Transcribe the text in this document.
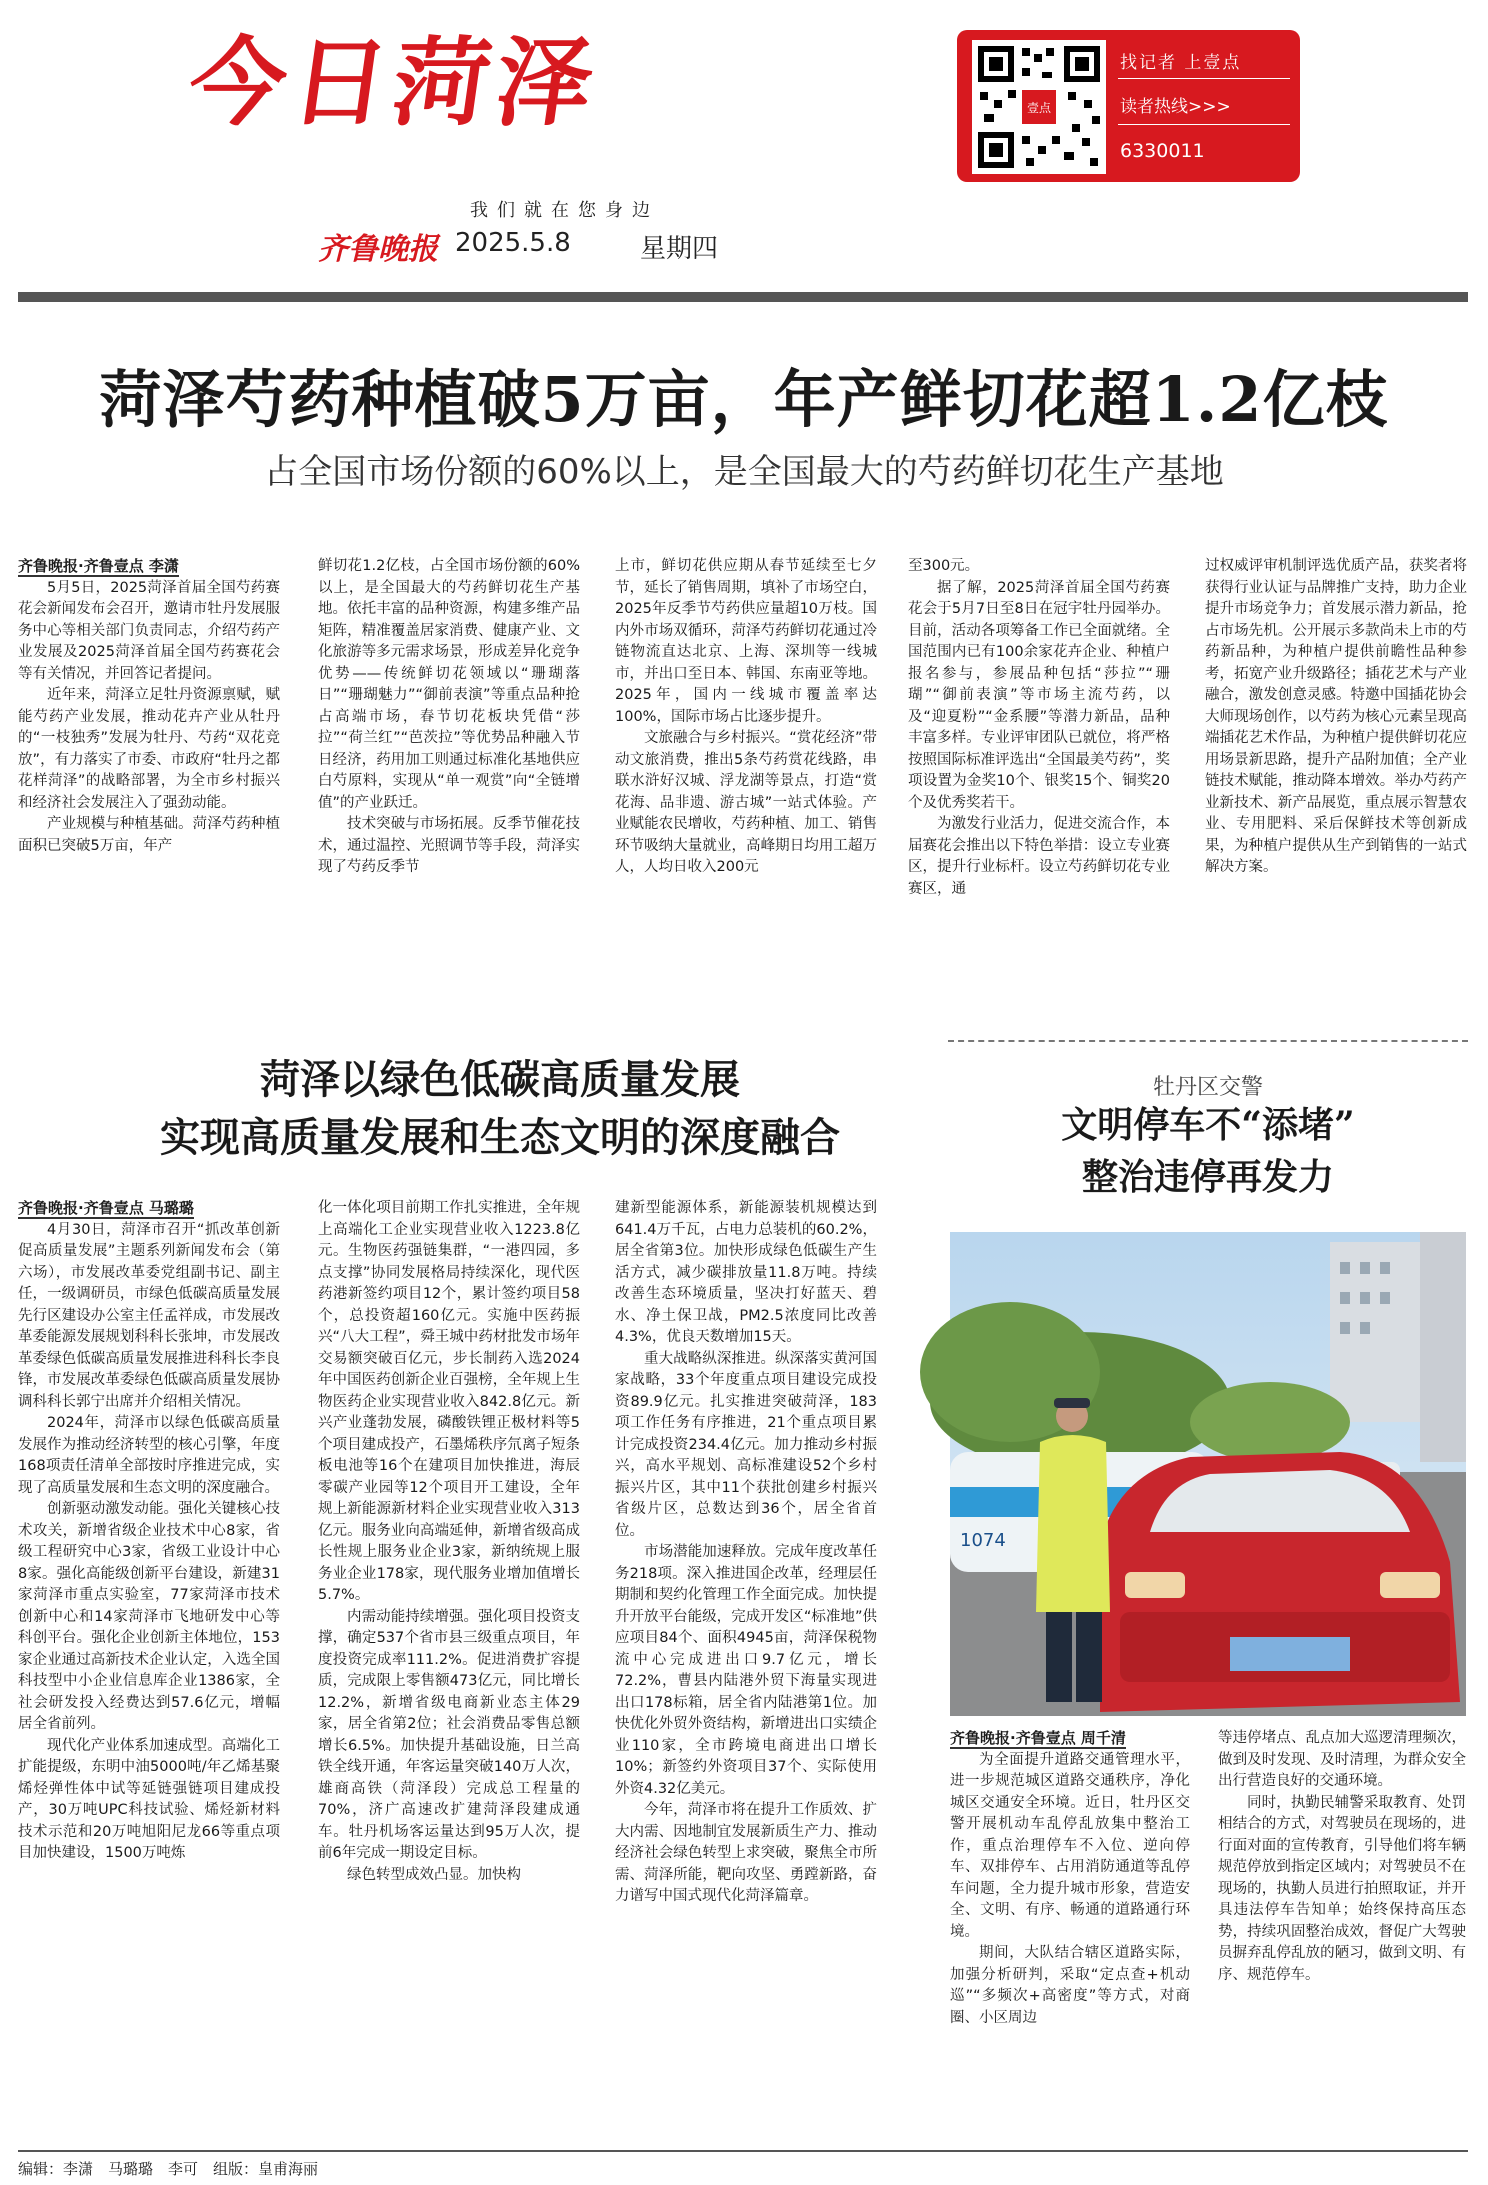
今日菏泽
我们就在您身边
齐鲁晚报 2025.5.8	星期四
壹点
找记者 上壹点
读者热线>>>
6330011
菏泽芍药种植破5万亩，年产鲜切花超1.2亿枝
占全国市场份额的60%以上，是全国最大的芍药鲜切花生产基地

齐鲁晚报·齐鲁壹点 李潇

5月5日，2025菏泽首届全国芍药赛花会新闻发布会召开，邀请市牡丹发展服务中心等相关部门负责同志，介绍芍药产业发展及2025菏泽首届全国芍药赛花会等有关情况，并回答记者提问。

近年来，菏泽立足牡丹资源禀赋，赋能芍药产业发展，推动花卉产业从牡丹的“一枝独秀”发展为牡丹、芍药“双花竞放”，有力落实了市委、市政府“牡丹之都　花样菏泽”的战略部署，为全市乡村振兴和经济社会发展注入了强劲动能。

产业规模与种植基础。菏泽芍药种植面积已突破5万亩，年产

鲜切花1.2亿枝，占全国市场份额的60%以上，是全国最大的芍药鲜切花生产基地。依托丰富的品种资源，构建多维产品矩阵，精准覆盖居家消费、健康产业、文化旅游等多元需求场景，形成差异化竞争优势——传统鲜切花领域以“珊瑚落日”“珊瑚魅力”“御前表演”等重点品种抢占高端市场，春节切花板块凭借“莎拉”“荷兰红”“芭茨拉”等优势品种融入节日经济，药用加工则通过标准化基地供应白芍原料，实现从“单一观赏”向“全链增值”的产业跃迁。

技术突破与市场拓展。反季节催花技术，通过温控、光照调节等手段，菏泽实现了芍药反季节

上市，鲜切花供应期从春节延续至七夕节，延长了销售周期，填补了市场空白，2025年反季节芍药供应量超10万枝。国内外市场双循环，菏泽芍药鲜切花通过冷链物流直达北京、上海、深圳等一线城市，并出口至日本、韩国、东南亚等地。2025年，国内一线城市覆盖率达100%，国际市场占比逐步提升。

文旅融合与乡村振兴。“赏花经济”带动文旅消费，推出5条芍药赏花线路，串联水浒好汉城、浮龙湖等景点，打造“赏花海、品非遗、游古城”一站式体验。产业赋能农民增收，芍药种植、加工、销售环节吸纳大量就业，高峰期日均用工超万人，人均日收入200元

至300元。

据了解，2025菏泽首届全国芍药赛花会于5月7日至8日在冠宇牡丹园举办。目前，活动各项筹备工作已全面就绪。全国范围内已有100余家花卉企业、种植户报名参与，参展品种包括“莎拉”“珊瑚”“御前表演”等市场主流芍药，以及“迎夏粉”“金系腰”等潜力新品，品种丰富多样。专业评审团队已就位，将严格按照国际标准评选出“全国最美芍药”，奖项设置为金奖10个、银奖15个、铜奖20个及优秀奖若干。

为激发行业活力，促进交流合作，本届赛花会推出以下特色举措：设立专业赛区，提升行业标杆。设立芍药鲜切花专业赛区，通

过权威评审机制评选优质产品，获奖者将获得行业认证与品牌推广支持，助力企业提升市场竞争力；首发展示潜力新品，抢占市场先机。公开展示多款尚未上市的芍药新品种，为种植户提供前瞻性品种参考，拓宽产业升级路径；插花艺术与产业融合，激发创意灵感。特邀中国插花协会大师现场创作，以芍药为核心元素呈现高端插花艺术作品，为种植户提供鲜切花应用场景新思路，提升产品附加值；全产业链技术赋能，推动降本增效。举办芍药产业新技术、新产品展览，重点展示智慧农业、专用肥料、采后保鲜技术等创新成果，为种植户提供从生产到销售的一站式解决方案。

菏泽以绿色低碳高质量发展
实现高质量发展和生态文明的深度融合

齐鲁晚报·齐鲁壹点 马璐璐

4月30日，菏泽市召开“抓改革创新促高质量发展”主题系列新闻发布会（第六场），市发展改革委党组副书记、副主任，一级调研员，市绿色低碳高质量发展先行区建设办公室主任孟祥成，市发展改革委能源发展规划科科长张坤，市发展改革委绿色低碳高质量发展推进科科长李良锋，市发展改革委绿色低碳高质量发展协调科科长郭宁出席并介绍相关情况。

2024年，菏泽市以绿色低碳高质量发展作为推动经济转型的核心引擎，年度168项责任清单全部按时序推进完成，实现了高质量发展和生态文明的深度融合。

创新驱动激发动能。强化关键核心技术攻关，新增省级企业技术中心8家，省级工程研究中心3家，省级工业设计中心8家。强化高能级创新平台建设，新建31家菏泽市重点实验室，77家菏泽市技术创新中心和14家菏泽市飞地研发中心等科创平台。强化企业创新主体地位，153家企业通过高新技术企业认定，入选全国科技型中小企业信息库企业1386家，全社会研发投入经费达到57.6亿元，增幅居全省前列。

现代化产业体系加速成型。高端化工扩能提级，东明中油5000吨/年乙烯基聚烯烃弹性体中试等延链强链项目建成投产，30万吨UPC科技试验、烯烃新材料技术示范和20万吨旭阳尼龙66等重点项目加快建设，1500万吨炼

化一体化项目前期工作扎实推进，全年规上高端化工企业实现营业收入1223.8亿元。生物医药强链集群，“一港四园，多点支撑”协同发展格局持续深化，现代医药港新签约项目12个，累计签约项目58个，总投资超160亿元。实施中医药振兴“八大工程”，舜王城中药材批发市场年交易额突破百亿元，步长制药入选2024年中国医药创新企业百强榜，全年规上生物医药企业实现营业收入842.8亿元。新兴产业蓬勃发展，磷酸铁锂正极材料等5个项目建成投产，石墨烯秩序氘离子短条板电池等16个在建项目加快推进，海辰零碳产业园等12个项目开工建设，全年规上新能源新材料企业实现营业收入313亿元。服务业向高端延伸，新增省级高成长性规上服务业企业3家，新纳统规上服务业企业178家，现代服务业增加值增长5.7%。

内需动能持续增强。强化项目投资支撑，确定537个省市县三级重点项目，年度投资完成率111.2%。促进消费扩容提质，完成限上零售额473亿元，同比增长12.2%，新增省级电商新业态主体29家，居全省第2位；社会消费品零售总额增长6.5%。加快提升基础设施，日兰高铁全线开通，年客运量突破140万人次，雄商高铁（菏泽段）完成总工程量的70%，济广高速改扩建菏泽段建成通车。牡丹机场客运量达到95万人次，提前6年完成一期设定目标。

绿色转型成效凸显。加快构

建新型能源体系，新能源装机规模达到641.4万千瓦，占电力总装机的60.2%，居全省第3位。加快形成绿色低碳生产生活方式，减少碳排放量11.8万吨。持续改善生态环境质量，坚决打好蓝天、碧水、净土保卫战，PM2.5浓度同比改善4.3%，优良天数增加15天。

重大战略纵深推进。纵深落实黄河国家战略，33个年度重点项目建设完成投资89.9亿元。扎实推进突破菏泽，183项工作任务有序推进，21个重点项目累计完成投资234.4亿元。加力推动乡村振兴，高水平规划、高标准建设52个乡村振兴片区，其中11个获批创建乡村振兴省级片区，总数达到36个，居全省首位。

市场潜能加速释放。完成年度改革任务218项。深入推进国企改革，经理层任期制和契约化管理工作全面完成。加快提升开放平台能级，完成开发区“标准地”供应项目84个、面积4945亩，菏泽保税物流中心完成进出口9.7亿元，增长72.2%，曹县内陆港外贸下海量实现进出口178标箱，居全省内陆港第1位。加快优化外贸外资结构，新增进出口实绩企业110家，全市跨境电商进出口增长10%；新签约外资项目37个、实际使用外资4.32亿美元。

今年，菏泽市将在提升工作质效、扩大内需、因地制宜发展新质生产力、推动经济社会绿色转型上求突破，聚焦全市所需、菏泽所能，靶向攻坚、勇蹚新路，奋力谱写中国式现代化菏泽篇章。

牡丹区交警
文明停车不“添堵”
整治违停再发力
1074

齐鲁晚报·齐鲁壹点 周千清

为全面提升道路交通管理水平，进一步规范城区道路交通秩序，净化城区交通安全环境。近日，牡丹区交警开展机动车乱停乱放集中整治工作，重点治理停车不入位、逆向停车、双排停车、占用消防通道等乱停车问题，全力提升城市形象，营造安全、文明、有序、畅通的道路通行环境。

期间，大队结合辖区道路实际，加强分析研判，采取“定点查+机动巡”“多频次+高密度”等方式，对商圈、小区周边

等违停堵点、乱点加大巡逻清理频次，做到及时发现、及时清理，为群众安全出行营造良好的交通环境。

同时，执勤民辅警采取教育、处罚相结合的方式，对驾驶员在现场的，进行面对面的宣传教育，引导他们将车辆规范停放到指定区域内；对驾驶员不在现场的，执勤人员进行拍照取证，并开具违法停车告知单；始终保持高压态势，持续巩固整治成效，督促广大驾驶员摒弃乱停乱放的陋习，做到文明、有序、规范停车。

编辑：李潇　马璐璐　李可　组版：皇甫海丽
